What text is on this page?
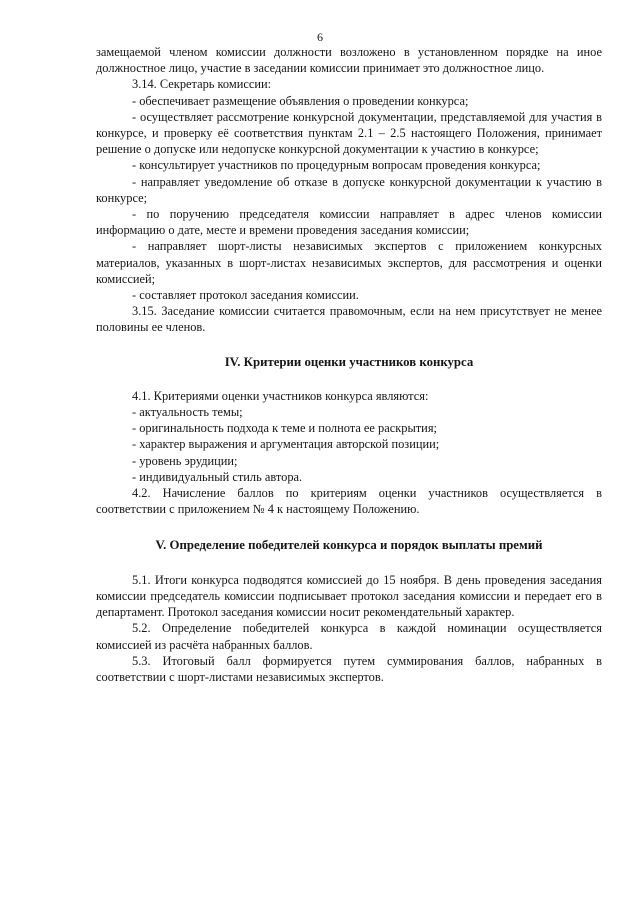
6

замещаемой членом комиссии должности возложено в установленном порядке на иное должностное лицо, участие в заседании комиссии принимает это должностное лицо.

3.14. Секретарь комиссии:

- обеспечивает размещение объявления о проведении конкурса;

- осуществляет рассмотрение конкурсной документации, представляемой для участия в конкурсе, и проверку её соответствия пунктам 2.1 – 2.5 настоящего Положения, принимает решение о допуске или недопуске конкурсной документации к участию в конкурсе;

- консультирует участников по процедурным вопросам проведения конкурса;

- направляет уведомление об отказе в допуске конкурсной документации к участию в конкурсе;

- по поручению председателя комиссии направляет в адрес членов комиссии информацию о дате, месте и времени проведения заседания комиссии;

- направляет шорт-листы независимых экспертов с приложением конкурсных материалов, указанных в шорт-листах независимых экспертов, для рассмотрения и оценки комиссией;

- составляет протокол заседания комиссии.

3.15. Заседание комиссии считается правомочным, если на нем присутствует не менее половины ее членов.

IV. Критерии оценки участников конкурса

4.1. Критериями оценки участников конкурса являются:

- актуальность темы;

- оригинальность подхода к теме и полнота ее раскрытия;

- характер выражения и аргументация авторской позиции;

- уровень эрудиции;

- индивидуальный стиль автора.

4.2. Начисление баллов по критериям оценки участников осуществляется в соответствии с приложением № 4 к настоящему Положению.

V. Определение победителей конкурса и порядок выплаты премий

5.1. Итоги конкурса подводятся комиссией до 15 ноября. В день проведения заседания комиссии председатель комиссии подписывает протокол заседания комиссии и передает его в департамент. Протокол заседания комиссии носит рекомендательный характер.

5.2. Определение победителей конкурса в каждой номинации осуществляется комиссией из расчёта набранных баллов.

5.3. Итоговый балл формируется путем суммирования баллов, набранных в соответствии с шорт-листами независимых экспертов.
